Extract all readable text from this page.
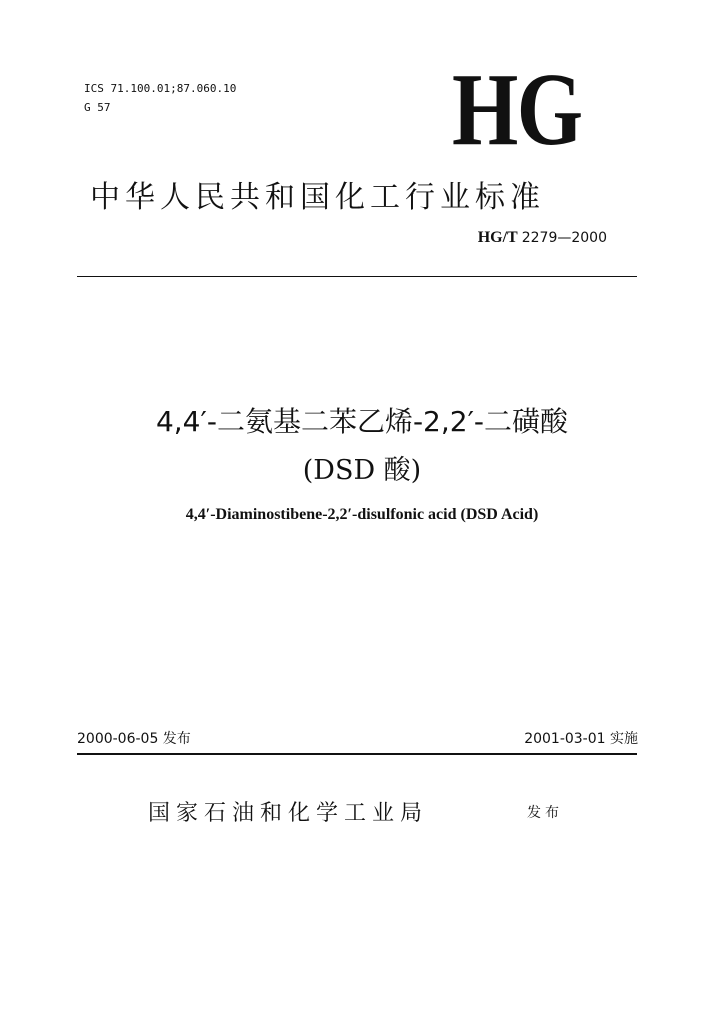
ICS 71.100.01;87.060.10
G 57	HG
中华人民共和国化工行业标准
HG/T 2279—2000
4,4′-二氨基二苯乙烯-2,2′-二磺酸
(DSD 酸)
4,4′-Diaminostibene-2,2′-disulfonic acid (DSD Acid)
2000-06-05 发布	2001-03-01 实施
国家石油和化学工业局	发布
